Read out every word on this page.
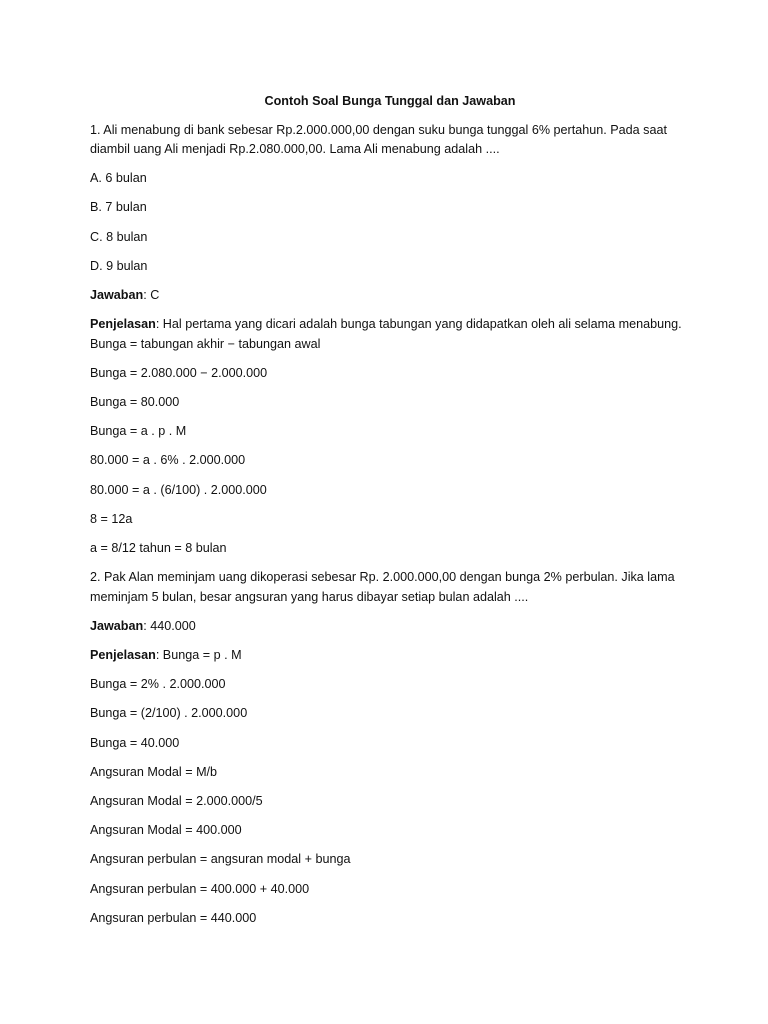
Contoh Soal Bunga Tunggal dan Jawaban
1. Ali menabung di bank sebesar Rp.2.000.000,00 dengan suku bunga tunggal 6% pertahun. Pada saat
diambil uang Ali menjadi Rp.2.080.000,00. Lama Ali menabung adalah ....
A. 6 bulan
B. 7 bulan
C. 8 bulan
D. 9 bulan
Jawaban: C
Penjelasan: Hal pertama yang dicari adalah bunga tabungan yang didapatkan oleh ali selama menabung.
Bunga = tabungan akhir − tabungan awal
Bunga = 2.080.000 − 2.000.000
Bunga = 80.000
Bunga = a . p . M
80.000 = a . 6% . 2.000.000
80.000 = a . (6/100) . 2.000.000
8 = 12a
a = 8/12 tahun = 8 bulan
2. Pak Alan meminjam uang dikoperasi sebesar Rp. 2.000.000,00 dengan bunga 2% perbulan. Jika lama
meminjam 5 bulan, besar angsuran yang harus dibayar setiap bulan adalah ....
Jawaban: 440.000
Penjelasan: Bunga = p . M
Bunga = 2% . 2.000.000
Bunga = (2/100) . 2.000.000
Bunga = 40.000
Angsuran Modal = M/b
Angsuran Modal = 2.000.000/5
Angsuran Modal = 400.000
Angsuran perbulan = angsuran modal + bunga
Angsuran perbulan = 400.000 + 40.000
Angsuran perbulan = 440.000
